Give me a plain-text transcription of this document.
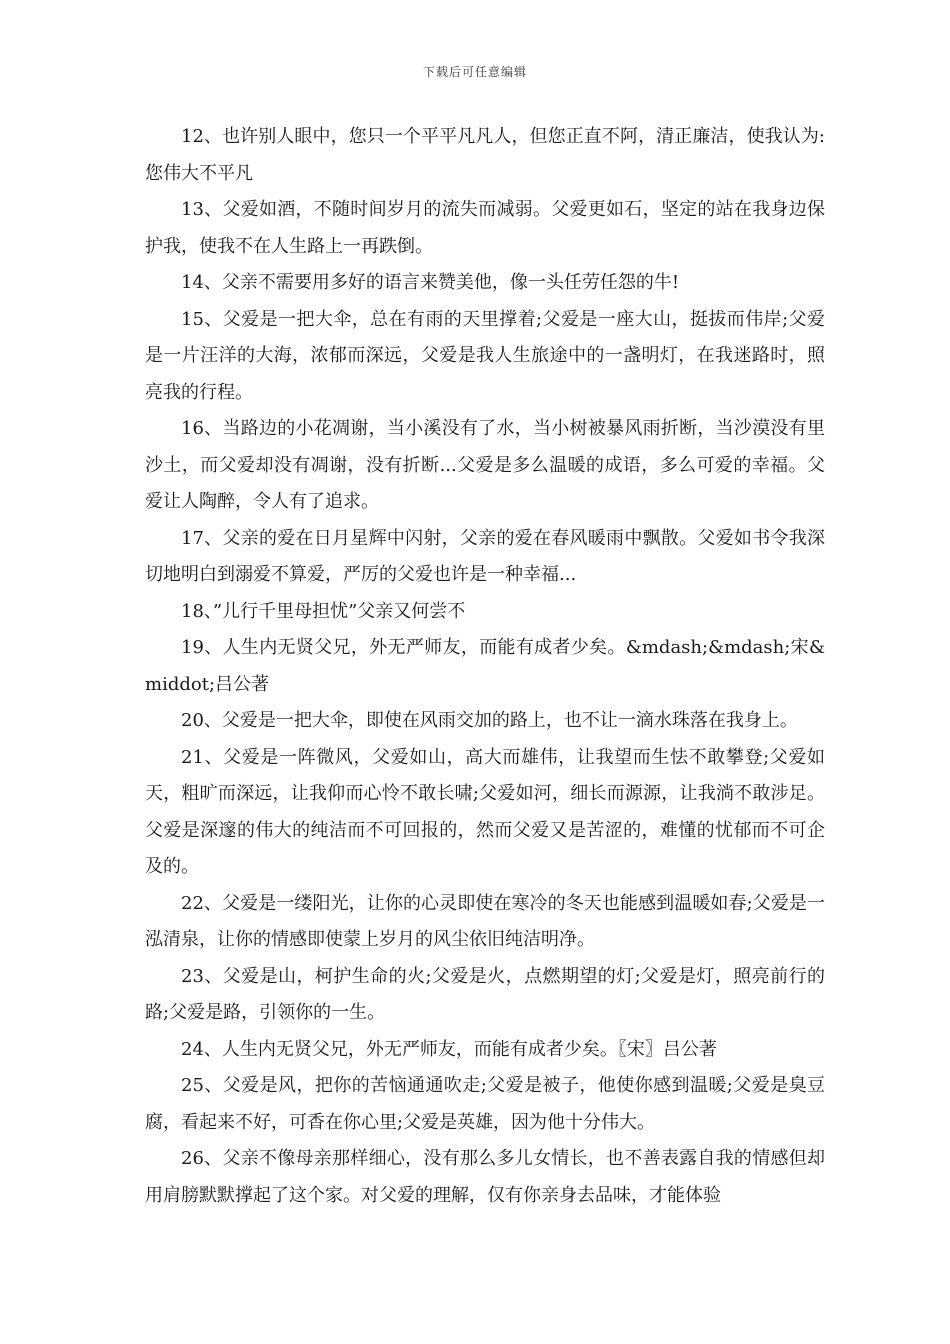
下载后可任意编辑

12、也许别人眼中，您只一个平平凡凡人，但您正直不阿，清正廉洁，使我认为:您伟大不平凡

13、父爱如酒，不随时间岁月的流失而减弱。父爱更如石，坚定的站在我身边保护我，使我不在人生路上一再跌倒。

14、父亲不需要用多好的语言来赞美他，像一头任劳任怨的牛!

15、父爱是一把大伞，总在有雨的天里撑着;父爱是一座大山，挺拔而伟岸;父爱是一片汪洋的大海，浓郁而深远，父爱是我人生旅途中的一盏明灯，在我迷路时，照亮我的行程。

16、当路边的小花凋谢，当小溪没有了水，当小树被暴风雨折断，当沙漠没有里沙土，而父爱却没有凋谢，没有折断...父爱是多么温暖的成语，多么可爱的幸福。父爱让人陶醉，令人有了追求。

17、父亲的爱在日月星辉中闪射，父亲的爱在春风暖雨中飘散。父爱如书令我深切地明白到溺爱不算爱，严厉的父爱也许是一种幸福...

18、”儿行千里母担忧”父亲又何尝不

19、人生内无贤父兄，外无严师友，而能有成者少矣。&mdash;&mdash;宋&middot;吕公著

20、父爱是一把大伞，即使在风雨交加的路上，也不让一滴水珠落在我身上。

21、父爱是一阵微风，父爱如山，高大而雄伟，让我望而生怯不敢攀登;父爱如天，粗旷而深远，让我仰而心怜不敢长啸;父爱如河，细长而源源，让我淌不敢涉足。父爱是深邃的伟大的纯洁而不可回报的，然而父爱又是苦涩的，难懂的忧郁而不可企及的。

22、父爱是一缕阳光，让你的心灵即使在寒冷的冬天也能感到温暖如春;父爱是一泓清泉，让你的情感即使蒙上岁月的风尘依旧纯洁明净。

23、父爱是山，柯护生命的火;父爱是火，点燃期望的灯;父爱是灯，照亮前行的路;父爱是路，引领你的一生。

24、人生内无贤父兄，外无严师友，而能有成者少矣。〖宋〗吕公著

25、父爱是风，把你的苦恼通通吹走;父爱是被子，他使你感到温暖;父爱是臭豆腐，看起来不好，可香在你心里;父爱是英雄，因为他十分伟大。

26、父亲不像母亲那样细心，没有那么多儿女情长，也不善表露自我的情感但却用肩膀默默撑起了这个家。对父爱的理解，仅有你亲身去品味，才能体验
